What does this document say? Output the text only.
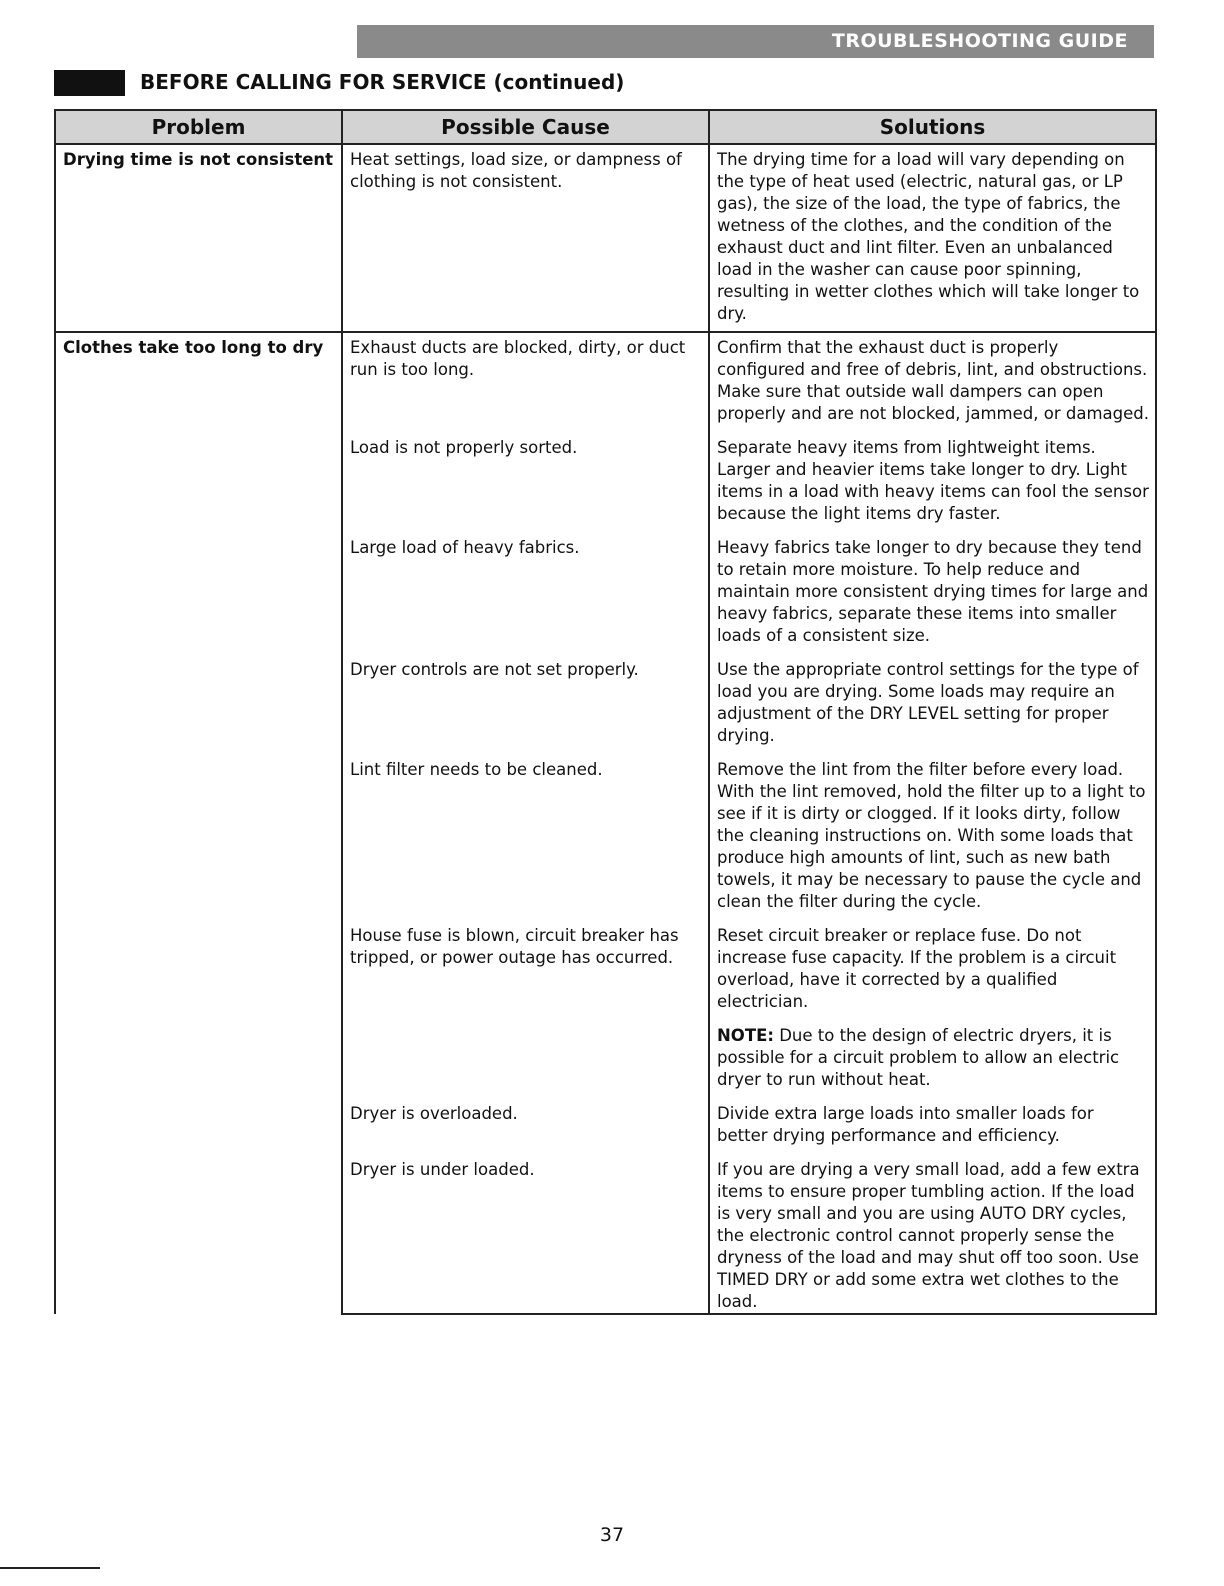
TROUBLESHOOTING GUIDE
BEFORE CALLING FOR SERVICE (continued)
Problem	Possible Cause	Solutions

Drying time is not consistent	Heat settings, load size, or dampness of clothing is not consistent.	The drying time for a load will vary depending on the type of heat used (electric, natural gas, or LP gas), the size of the load, the type of fabrics, the wetness of the clothes, and the condition of the exhaust duct and lint filter. Even an unbalanced load in the washer can cause poor spinning, resulting in wetter clothes which will take longer to dry.

Clothes take too long to dry	Exhaust ducts are blocked, dirty, or duct run is too long.	Confirm that the exhaust duct is properly configured and free of debris, lint, and obstructions. Make sure that outside wall dampers can open properly and are not blocked, jammed, or damaged.

	Load is not properly sorted.	Separate heavy items from lightweight items. Larger and heavier items take longer to dry. Light items in a load with heavy items can fool the sensor because the light items dry faster.

	Large load of heavy fabrics.	Heavy fabrics take longer to dry because they tend to retain more moisture. To help reduce and maintain more consistent drying times for large and heavy fabrics, separate these items into smaller loads of a consistent size.

	Dryer controls are not set properly.	Use the appropriate control settings for the type of load you are drying. Some loads may require an adjustment of the DRY LEVEL setting for proper drying.

	Lint filter needs to be cleaned.	Remove the lint from the filter before every load. With the lint removed, hold the filter up to a light to see if it is dirty or clogged. If it looks dirty, follow the cleaning instructions on. With some loads that produce high amounts of lint, such as new bath towels, it may be necessary to pause the cycle and clean the filter during the cycle.

	House fuse is blown, circuit breaker has tripped, or power outage has occurred.	Reset circuit breaker or replace fuse. Do not increase fuse capacity. If the problem is a circuit overload, have it corrected by a qualified electrician.
NOTE: Due to the design of electric dryers, it is possible for a circuit problem to allow an electric dryer to run without heat.

	Dryer is overloaded.	Divide extra large loads into smaller loads for better drying performance and efficiency.

	Dryer is under loaded.	If you are drying a very small load, add a few extra items to ensure proper tumbling action. If the load is very small and you are using AUTO DRY cycles, the electronic control cannot properly sense the dryness of the load and may shut off too soon. Use TIMED DRY or add some extra wet clothes to the load.
37
